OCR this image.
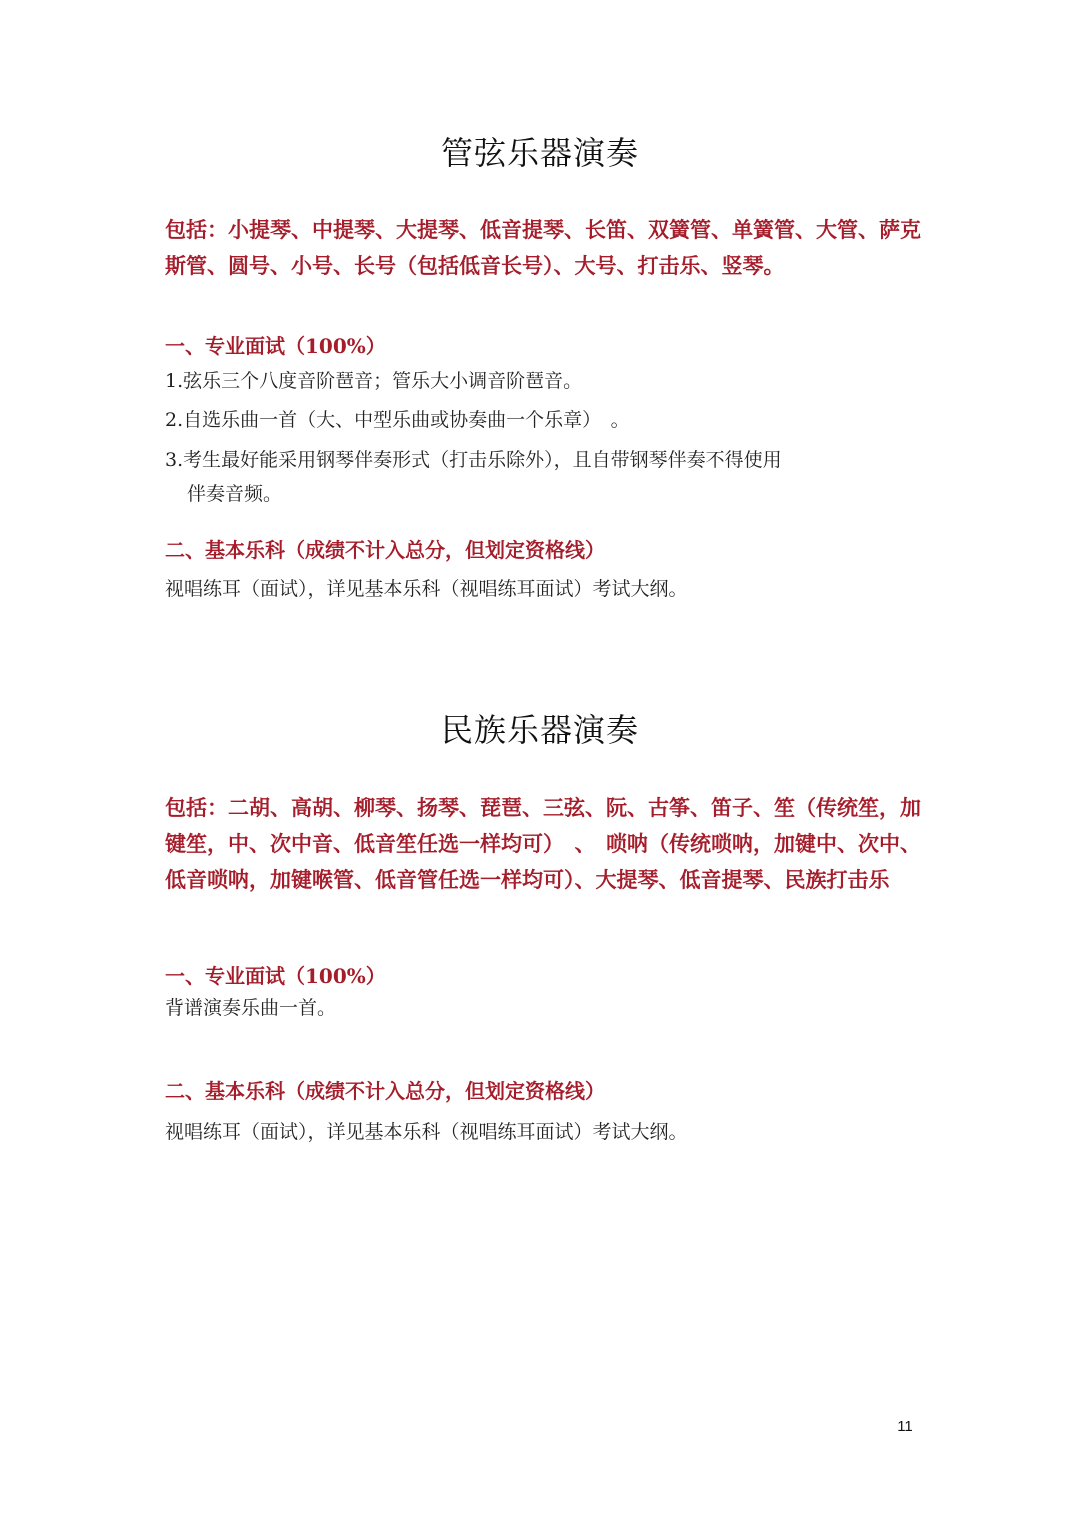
管弦乐器演奏

包括：小提琴、中提琴、大提琴、低音提琴、长笛、双簧管、单簧管、大管、萨克斯管、圆号、小号、长号（包括低音长号）、大号、打击乐、竖琴。

一、专业面试（100%）

1.弦乐三个八度音阶琶音；管乐大小调音阶琶音。

2.自选乐曲一首（大、中型乐曲或协奏曲一个乐章）　。

3.考生最好能采用钢琴伴奏形式（打击乐除外），且自带钢琴伴奏不得使用
伴奏音频。

二、基本乐科（成绩不计入总分，但划定资格线）

视唱练耳（面试），详见基本乐科（视唱练耳面试）考试大纲。

民族乐器演奏

包括：二胡、高胡、柳琴、扬琴、琵琶、三弦、阮、古筝、笛子、笙（传统笙，加键笙，中、次中音、低音笙任选一样均可）　、　唢呐（传统唢呐，加键中、次中、低音唢呐，加键喉管、低音管任选一样均可）、大提琴、低音提琴、民族打击乐

一、专业面试（100%）

背谱演奏乐曲一首。

二、基本乐科（成绩不计入总分，但划定资格线）

视唱练耳（面试），详见基本乐科（视唱练耳面试）考试大纲。

11
